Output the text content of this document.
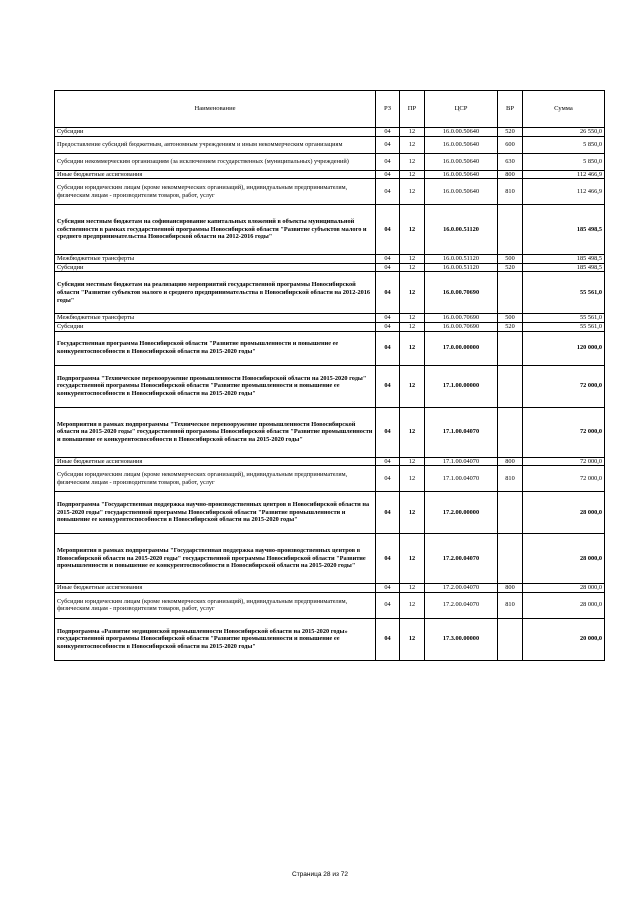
Наименование	РЗ	ПР	ЦСР	ВР	Сумма
Субсидии	04	12	16.0.00.50640	520	26 550,0
Предоставление субсидий бюджетным, автономным учреждениям и иным некоммерческим организациям	04	12	16.0.00.50640	600	5 850,0
Субсидии некоммерческим организациям (за исключением государственных (муниципальных) учреждений)	04	12	16.0.00.50640	630	5 850,0
Иные бюджетные ассигнования	04	12	16.0.00.50640	800	112 466,9
Субсидии юридическим лицам (кроме некоммерческих организаций), индивидуальным предпринимателям, физическим лицам - производителям товаров, работ, услуг	04	12	16.0.00.50640	810	112 466,9
Субсидии местным бюджетам на софинансирование капитальных вложений в объекты муниципальной собственности в рамках государственной программы Новосибирской области "Развитие субъектов малого и среднего предпринимательства Новосибирской области на 2012-2016 годы"	04	12	16.0.00.51120		185 498,5
Межбюджетные трансферты	04	12	16.0.00.51120	500	185 498,5
Субсидии	04	12	16.0.00.51120	520	185 498,5
Субсидии местным бюджетам на реализацию мероприятий государственной программы Новосибирской области "Развитие субъектов малого и среднего предпринимательства в Новосибирской области на 2012-2016 годы"	04	12	16.0.00.70690		55 561,0
Межбюджетные трансферты	04	12	16.0.00.70690	500	55 561,0
Субсидии	04	12	16.0.00.70690	520	55 561,0
Государственная программа Новосибирской области "Развитие промышленности и повышение ее конкурентоспособности в Новосибирской области на 2015-2020 годы"	04	12	17.0.00.00000		120 000,0
Подпрограмма "Техническое перевооружение промышленности Новосибирской области на 2015-2020 годы" государственной программы Новосибирской области "Развитие промышленности и повышение ее конкурентоспособности в Новосибирской области на 2015-2020 годы"	04	12	17.1.00.00000		72 000,0
Мероприятия в рамках подпрограммы "Техническое перевооружение промышленности Новосибирской области на 2015-2020 годы" государственной программы Новосибирской области "Развитие промышленности и повышение ее конкурентоспособности в Новосибирской области на 2015-2020 годы"	04	12	17.1.00.04070		72 000,0
Иные бюджетные ассигнования	04	12	17.1.00.04070	800	72 000,0
Субсидии юридическим лицам (кроме некоммерческих организаций), индивидуальным предпринимателям, физическим лицам - производителям товаров, работ, услуг	04	12	17.1.00.04070	810	72 000,0
Подпрограмма "Государственная поддержка научно-производственных центров в Новосибирской области на 2015-2020 годы" государственной программы Новосибирской области "Развитие промышленности и повышение ее конкурентоспособности в Новосибирской области на 2015-2020 годы"	04	12	17.2.00.00000		28 000,0
Мероприятия в рамках подпрограммы "Государственная поддержка научно-производственных центров в Новосибирской области на 2015-2020 годы" государственной программы Новосибирской области "Развитие промышленности и повышение ее конкурентоспособности в Новосибирской области на 2015-2020 годы"	04	12	17.2.00.04070		28 000,0
Иные бюджетные ассигнования	04	12	17.2.00.04070	800	28 000,0
Субсидии юридическим лицам (кроме некоммерческих организаций), индивидуальным предпринимателям, физическим лицам - производителям товаров, работ, услуг	04	12	17.2.00.04070	810	28 000,0
Подпрограмма «Развитие медицинской промышленности Новосибирской области на 2015-2020 годы» государственной программы Новосибирской области "Развитие промышленности и повышение ее конкурентоспособности в Новосибирской области на 2015-2020 годы"	04	12	17.3.00.00000		20 000,0
Страница 28 из 72
